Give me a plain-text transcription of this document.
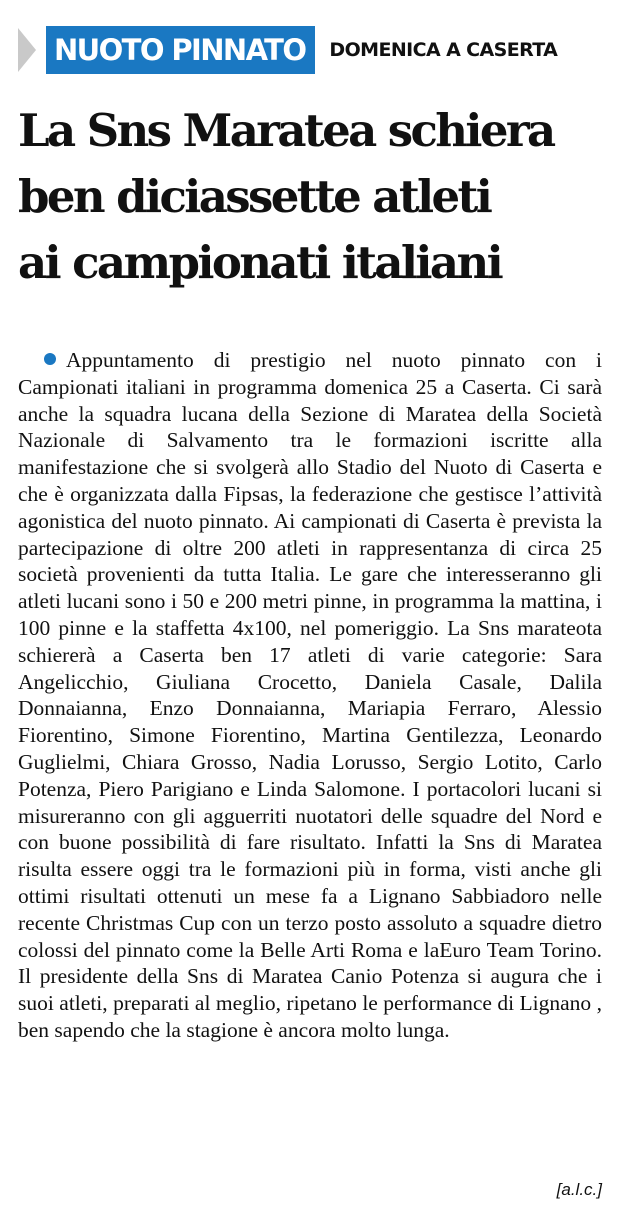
NUOTO PINNATO	DOMENICA A CASERTA
La Sns Maratea schiera
ben diciassette atleti
ai campionati italiani

Appuntamento di prestigio nel nuoto pinnato con i Campionati italiani in programma domenica 25 a Caserta. Ci sarà anche la squadra lucana della Sezione di Maratea della Società Nazionale di Salvamento tra le formazioni iscritte alla manifestazione che si svolgerà allo Stadio del Nuoto di Caserta e che è organizzata dalla Fipsas, la federazione che gestisce l’attività agonistica del nuoto pinnato. Ai campionati di Caserta è prevista la partecipazione di oltre 200 atleti in rappresentanza di circa 25 società provenienti da tutta Italia. Le gare che interesseranno gli atleti lucani sono i 50 e 200 metri pinne, in programma la mattina, i 100 pinne e la staffetta 4x100, nel pomeriggio. La Sns marateota schiererà a Caserta ben 17 atleti di varie categorie: Sara Angelicchio, Giuliana Crocetto, Daniela Casale, Dalila Donnaianna, Enzo Donnaianna, Mariapia Ferraro, Alessio Fiorentino, Simone Fiorentino, Martina Gentilezza, Leonardo Guglielmi, Chiara Grosso, Nadia Lorusso, Sergio Lotito, Carlo Potenza, Piero Parigiano e Linda Salomone. I portacolori lucani si misureranno con gli agguerriti nuotatori delle squadre del Nord e con buone possibilità di fare risultato. Infatti la Sns di Maratea risulta essere oggi tra le formazioni più in forma, visti anche gli ottimi risultati ottenuti un mese fa a Lignano Sabbiadoro nelle recente Christmas Cup con un terzo posto assoluto a squadre dietro colossi del pinnato come la Belle Arti Roma e laEuro Team Torino. Il presidente della Sns di Maratea Canio Potenza si augura che i suoi atleti, preparati al meglio, ripetano le performance di Lignano , ben sapendo che la stagione è ancora molto lunga.

[a.l.c.]
